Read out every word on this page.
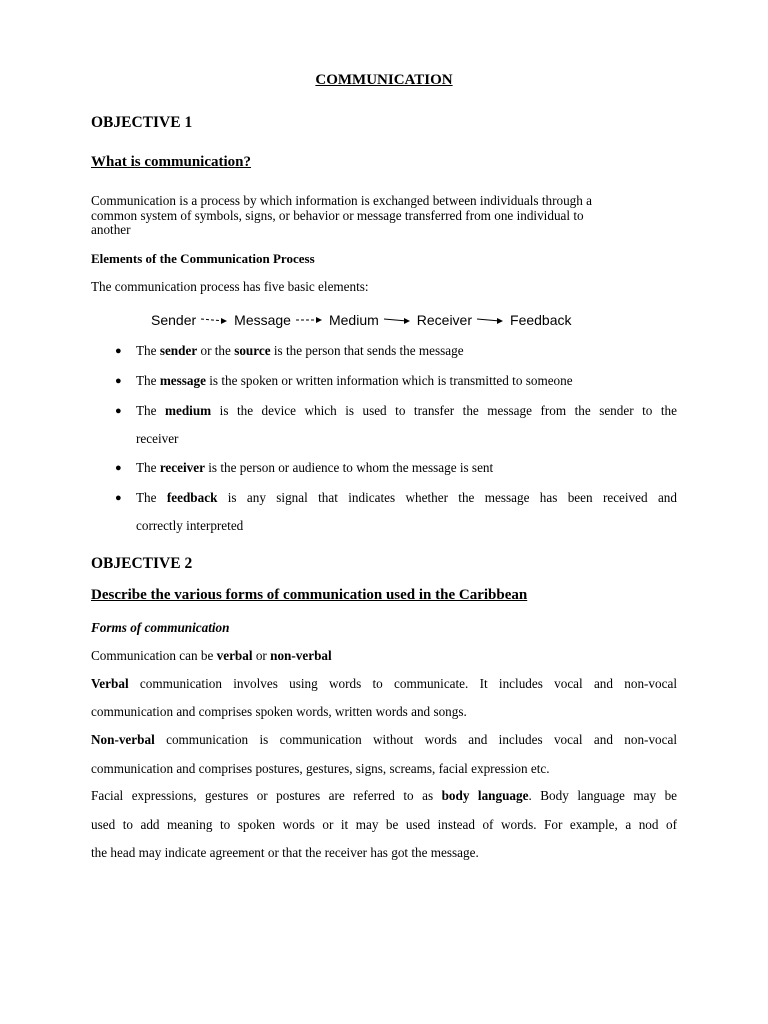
COMMUNICATION

OBJECTIVE 1

What is communication?

Communication is a process by which information is exchanged between individuals through a
common system of symbols, signs, or behavior or message transferred from one individual to
another

Elements of the Communication Process

The communication process has five basic elements:

Sender	Message	Medium	Receiver	Feedback
● The sender or the source is the person that sends the message
● The message is the spoken or written information which is transmitted to someone
● The medium is the device which is used to transfer the message from the sender to the
receiver
● The receiver is the person or audience to whom the message is sent
● The feedback is any signal that indicates whether the message has been received and
correctly interpreted

OBJECTIVE 2

Describe the various forms of communication used in the Caribbean

Forms of communication

Communication can be verbal or non-verbal
Verbal communication involves using words to communicate. It includes vocal and non-vocal
communication and comprises spoken words, written words and songs.
Non-verbal communication is communication without words and includes vocal and non-vocal
communication and comprises postures, gestures, signs, screams, facial expression etc.
Facial expressions, gestures or postures are referred to as body language. Body language may be
used to add meaning to spoken words or it may be used instead of words. For example, a nod of
the head may indicate agreement or that the receiver has got the message.
